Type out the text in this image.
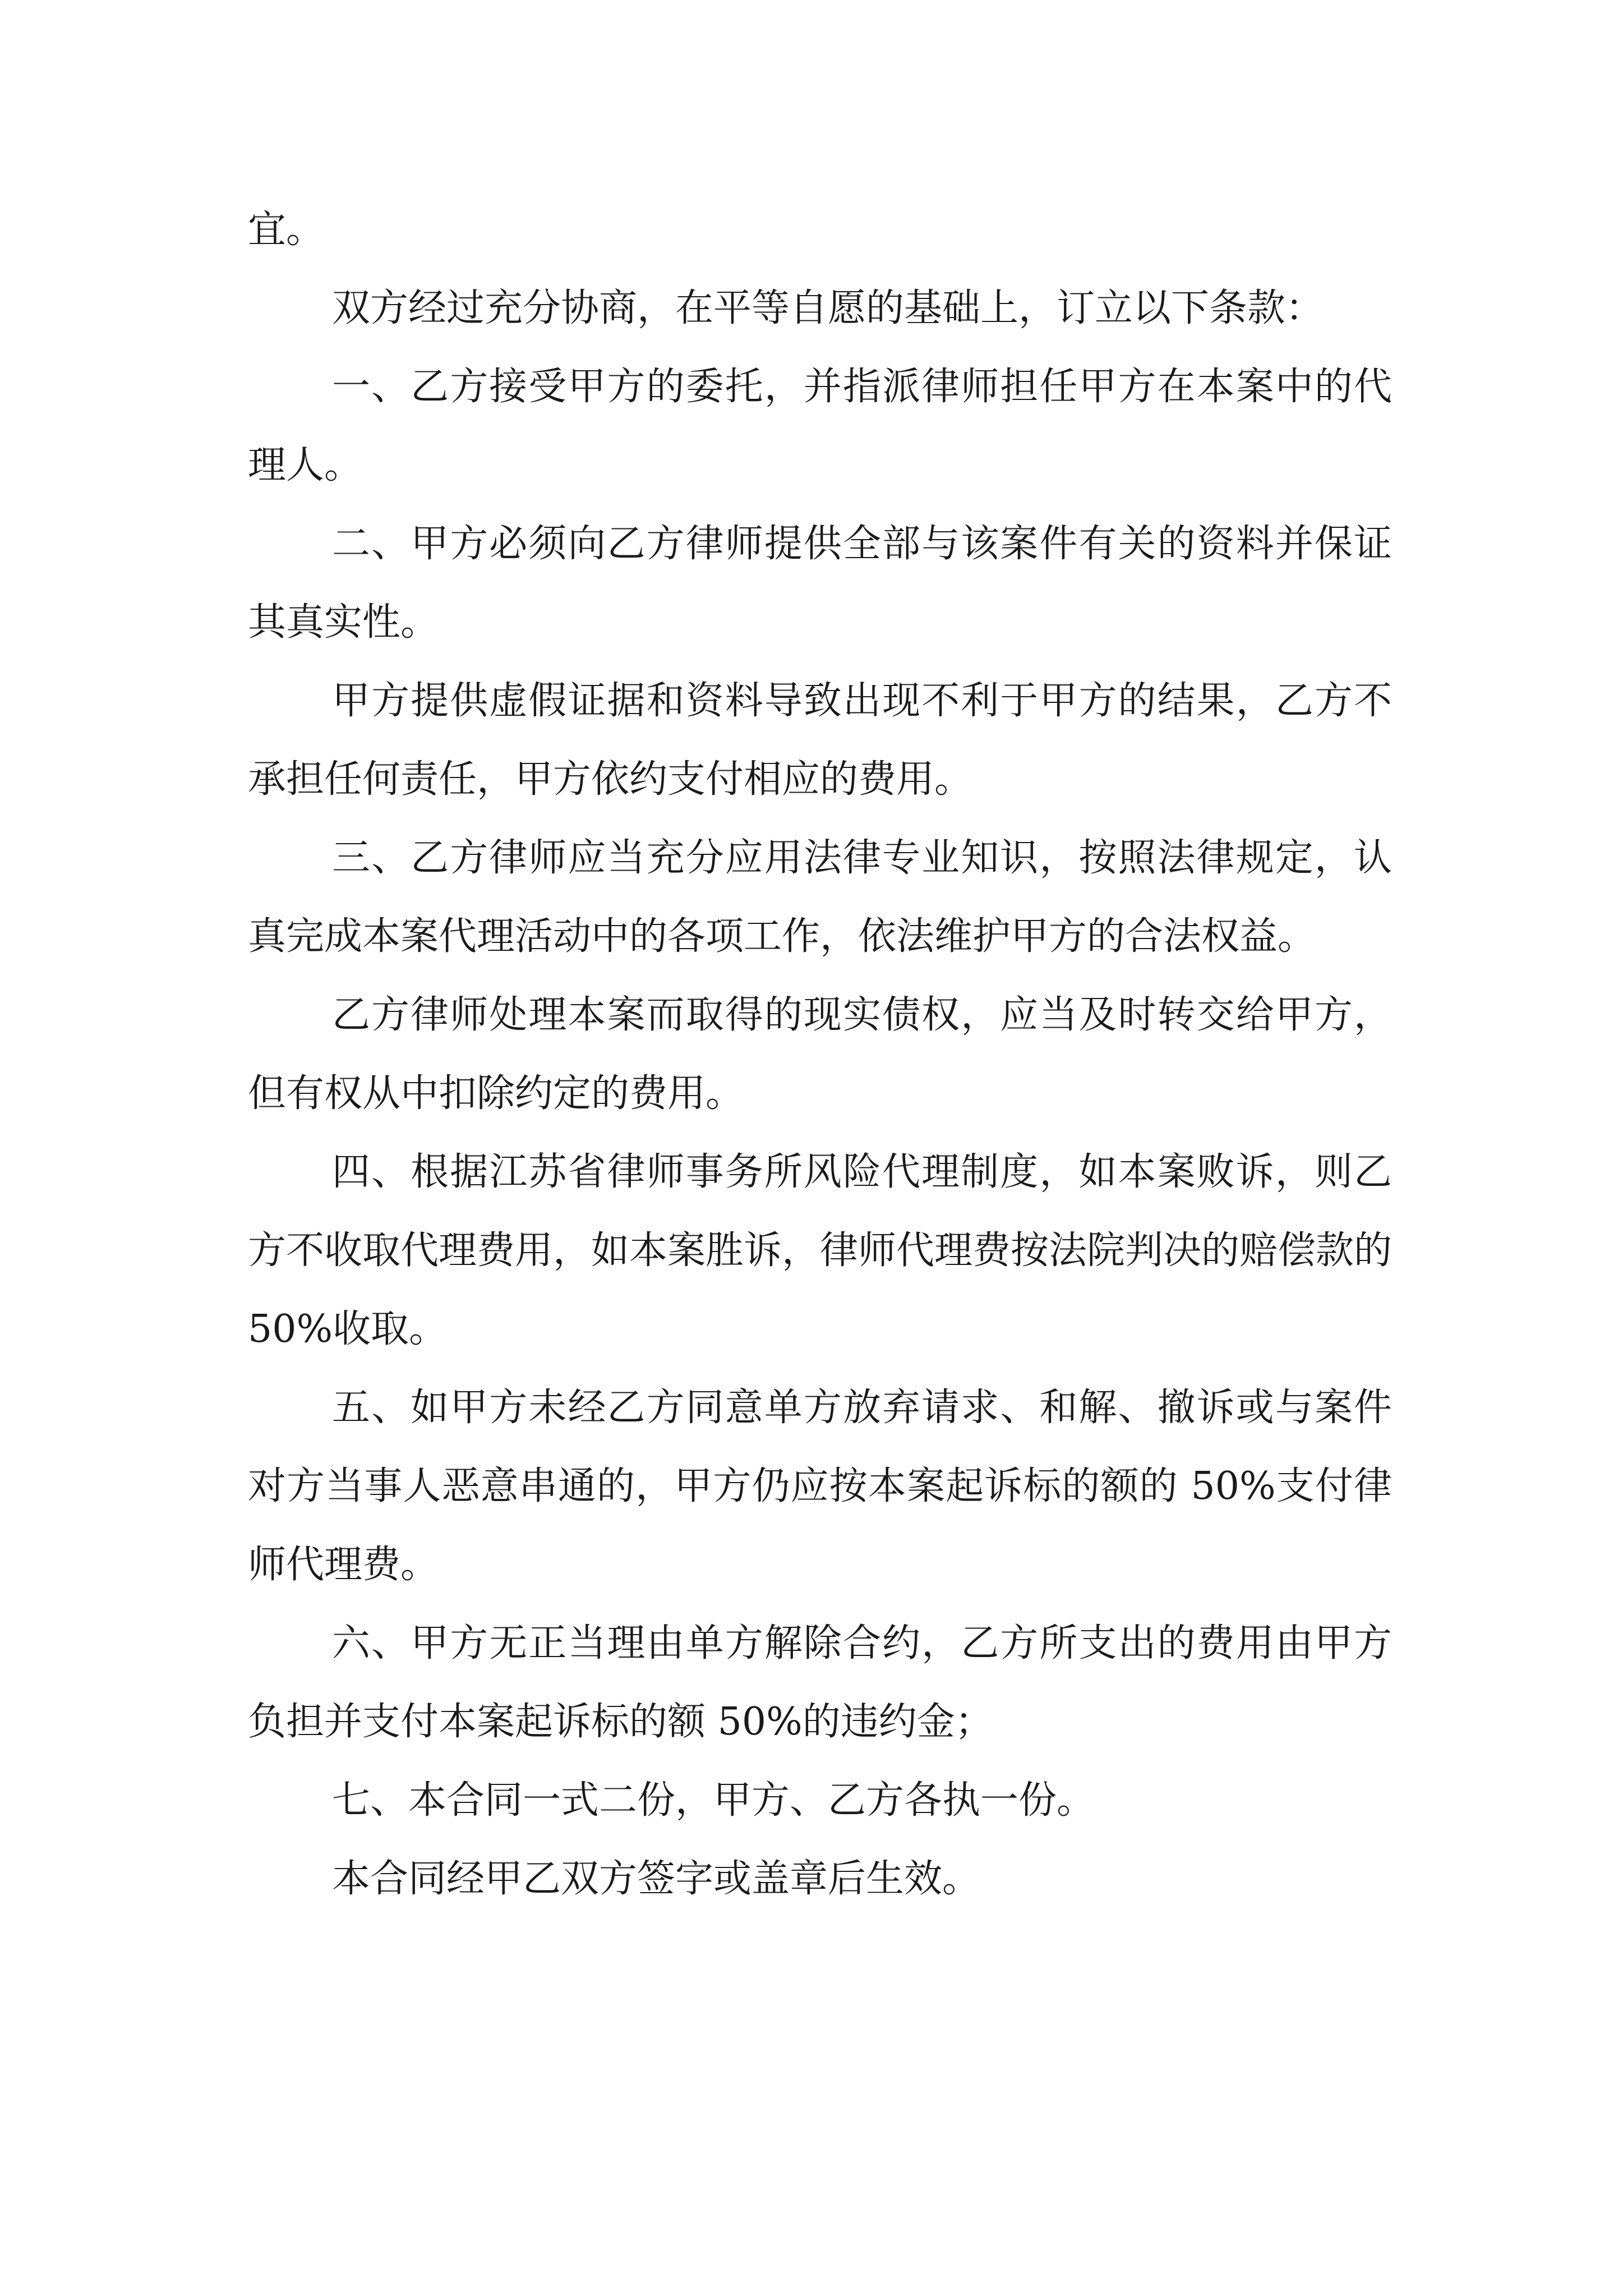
宜。

双方经过充分协商，在平等自愿的基础上，订立以下条款：

一、乙方接受甲方的委托，并指派律师担任甲方在本案中的代理人。

二、甲方必须向乙方律师提供全部与该案件有关的资料并保证其真实性。

甲方提供虚假证据和资料导致出现不利于甲方的结果，乙方不承担任何责任，甲方依约支付相应的费用。

三、乙方律师应当充分应用法律专业知识，按照法律规定，认真完成本案代理活动中的各项工作，依法维护甲方的合法权益。

乙方律师处理本案而取得的现实债权，应当及时转交给甲方，但有权从中扣除约定的费用。

四、根据江苏省律师事务所风险代理制度，如本案败诉，则乙方不收取代理费用，如本案胜诉，律师代理费按法院判决的赔偿款的 50%收取。

五、如甲方未经乙方同意单方放弃请求、和解、撤诉或与案件对方当事人恶意串通的，甲方仍应按本案起诉标的额的 50%支付律师代理费。

六、甲方无正当理由单方解除合约，乙方所支出的费用由甲方负担并支付本案起诉标的额 50%的违约金；

七、本合同一式二份，甲方、乙方各执一份。

本合同经甲乙双方签字或盖章后生效。
